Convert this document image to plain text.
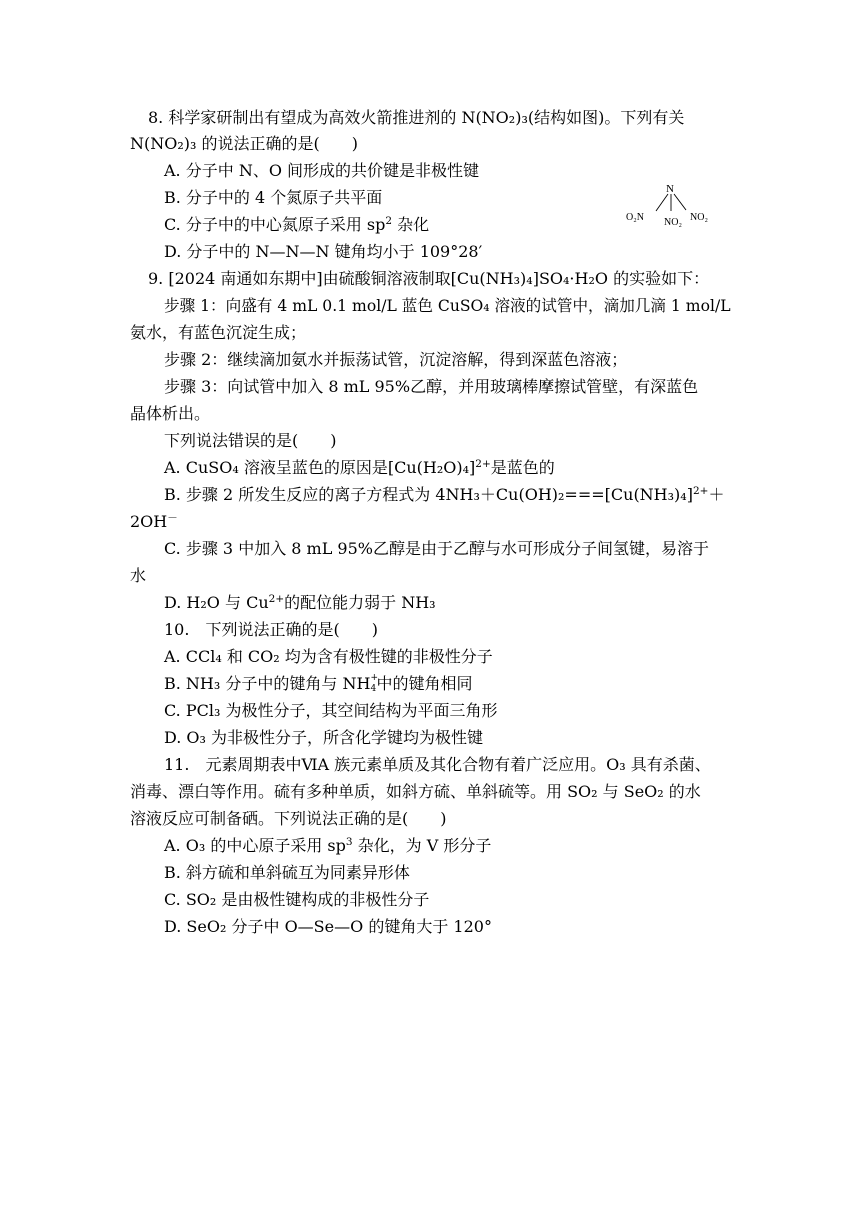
8. 科学家研制出有望成为高效火箭推进剂的 N(NO₂)₃(结构如图)。下列有关
N(NO₂)₃ 的说法正确的是(　　)
A. 分子中 N、O 间形成的共价键是非极性键
B. 分子中的 4 个氮原子共平面
C. 分子中的中心氮原子采用 $sp^2$ 杂化
D. 分子中的 N—N—N 键角均小于 109°28′
N
O₂N NO₂ NO₂
9. [2024 南通如东期中]由硫酸铜溶液制取[Cu(NH₃)₄]SO₄·H₂O 的实验如下：
步骤 1：向盛有 4 mL 0.1 mol/L 蓝色 CuSO₄ 溶液的试管中，滴加几滴 1 mol/L
氨水，有蓝色沉淀生成；
步骤 2：继续滴加氨水并振荡试管，沉淀溶解，得到深蓝色溶液；
步骤 3：向试管中加入 8 mL 95%乙醇，并用玻璃棒摩擦试管壁，有深蓝色
晶体析出。
下列说法错误的是(　　)
A. CuSO₄ 溶液呈蓝色的原因是$[Cu(H_2O)_4]^{2+}$是蓝色的
B. 步骤 2 所发生反应的离子方程式为 $4NH_3+Cu(OH)_2===[Cu(NH_3)_4]^{2+}+$
2OH－
C. 步骤 3 中加入 8 mL 95%乙醇是由于乙醇与水可形成分子间氢键，易溶于
水
D. H₂O 与 $Cu^{2+}$的配位能力弱于 NH₃
10.　下列说法正确的是(　　)
A. CCl₄ 和 CO₂ 均为含有极性键的非极性分子
B. NH₃ 分子中的键角与 NH +
4 中的键角相同
C. PCl₃ 为极性分子，其空间结构为平面三角形
D. O₃ 为非极性分子，所含化学键均为极性键
11.　元素周期表中ⅥA 族元素单质及其化合物有着广泛应用。O₃ 具有杀菌、
消毒、漂白等作用。硫有多种单质，如斜方硫、单斜硫等。用 SO₂ 与 SeO₂ 的水
溶液反应可制备硒。下列说法正确的是(　　)
A. O₃ 的中心原子采用 $sp^3$ 杂化，为 V 形分子
B. 斜方硫和单斜硫互为同素异形体
C. SO₂ 是由极性键构成的非极性分子
D. SeO₂ 分子中 O—Se—O 的键角大于 120°
